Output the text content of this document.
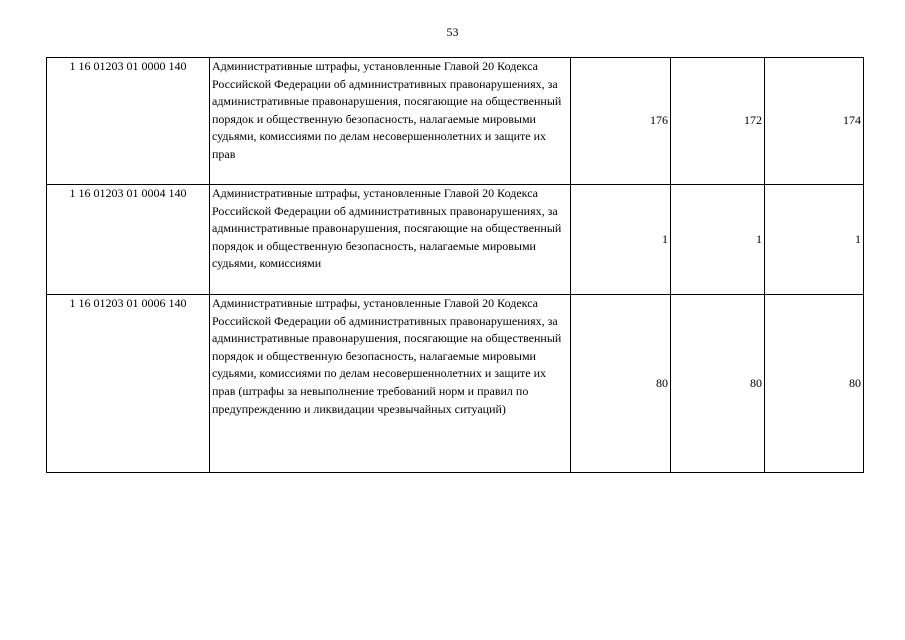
53
1 16 01203 01 0000 140	Административные штрафы, установленные Главой 20 Кодекса Российской Федерации об административных правонарушениях, за административные правонарушения, посягающие на общественный порядок и общественную безопасность, налагаемые мировыми судьями, комиссиями по делам несовершеннолетних и защите их прав	176	172	174
1 16 01203 01 0004 140	Административные штрафы, установленные Главой 20 Кодекса Российской Федерации об административных правонарушениях, за административные правонарушения, посягающие на общественный порядок и общественную безопасность, налагаемые мировыми судьями, комиссиями	1	1	1
1 16 01203 01 0006 140	Административные штрафы, установленные Главой 20 Кодекса Российской Федерации об административных правонарушениях, за административные правонарушения, посягающие на общественный порядок и общественную безопасность, налагаемые мировыми судьями, комиссиями по делам несовершеннолетних и защите их прав (штрафы за невыполнение требований норм и правил по предупреждению и ликвидации чрезвычайных ситуаций)	80	80	80
